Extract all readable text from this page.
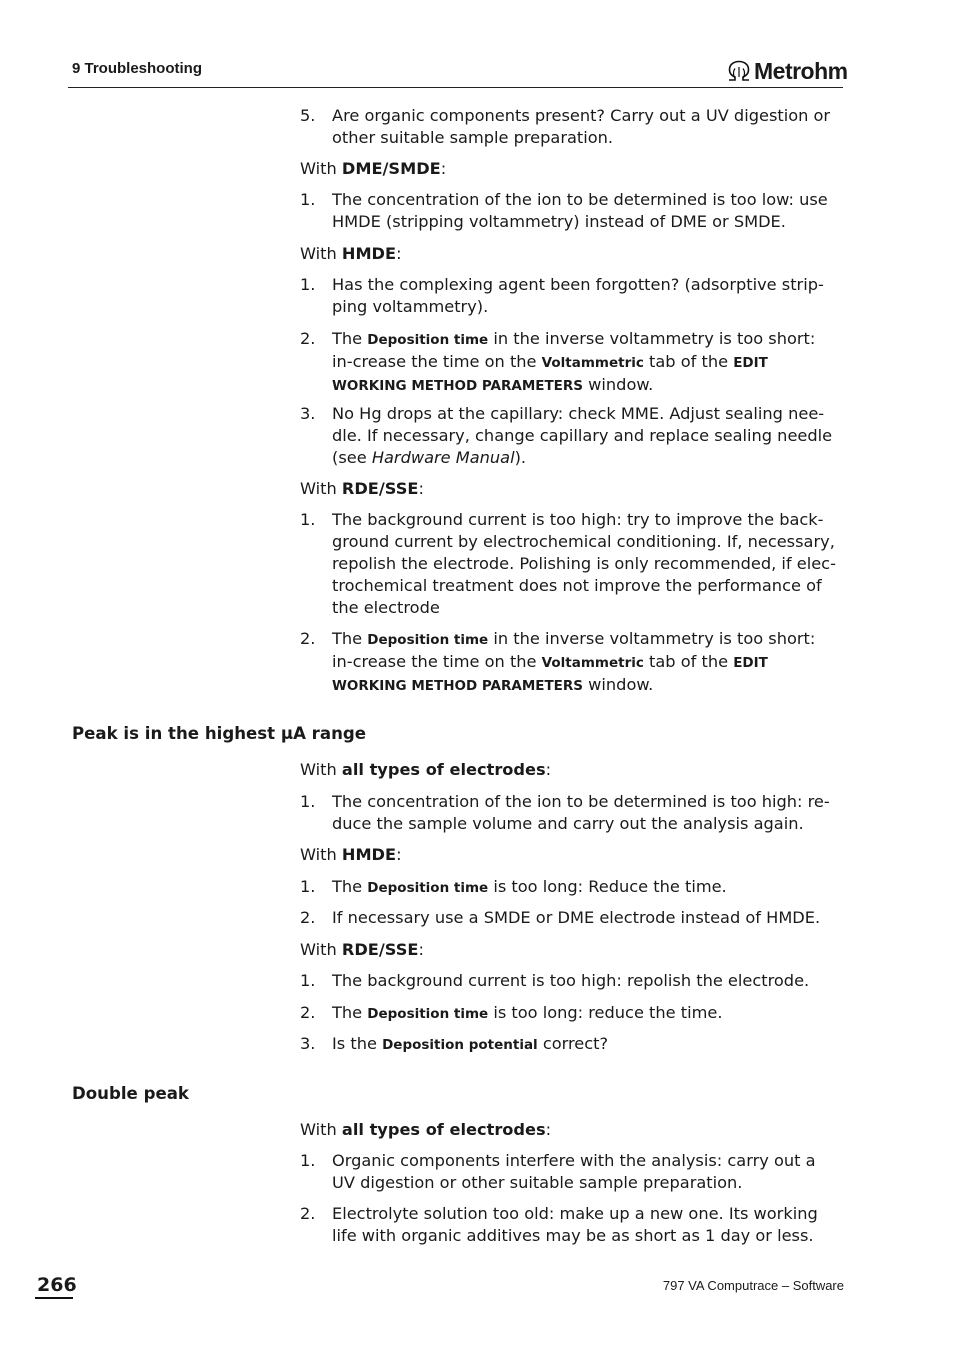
9 Troubleshooting	Metrohm
5. Are organic components present? Carry out a UV digestion or other suitable sample preparation.
With DME/SMDE:
1. The concentration of the ion to be determined is too low: use HMDE (stripping voltammetry) instead of DME or SMDE.
With HMDE:
1. Has the complexing agent been forgotten? (adsorptive strip-ping voltammetry).
2. The Deposition time in the inverse voltammetry is too short: in-crease the time on the Voltammetric tab of the EDIT WORKING METHOD PARAMETERS window.
3. No Hg drops at the capillary: check MME. Adjust sealing nee-dle. If necessary, change capillary and replace sealing needle (see Hardware Manual).
With RDE/SSE:
1. The background current is too high: try to improve the back-ground current by electrochemical conditioning. If, necessary, repolish the electrode. Polishing is only recommended, if elec-trochemical treatment does not improve the performance of the electrode
2. The Deposition time in the inverse voltammetry is too short: in-crease the time on the Voltammetric tab of the EDIT WORKING METHOD PARAMETERS window.
Peak is in the highest µA range
With all types of electrodes:
1. The concentration of the ion to be determined is too high: re-duce the sample volume and carry out the analysis again.
With HMDE:
1. The Deposition time is too long: Reduce the time.
2. If necessary use a SMDE or DME electrode instead of HMDE.
With RDE/SSE:
1. The background current is too high: repolish the electrode.
2. The Deposition time is too long: reduce the time.
3. Is the Deposition potential correct?
Double peak
With all types of electrodes:
1. Organic components interfere with the analysis: carry out a UV digestion or other suitable sample preparation.
2. Electrolyte solution too old: make up a new one. Its working life with organic additives may be as short as 1 day or less.
266	797 VA Computrace – Software
